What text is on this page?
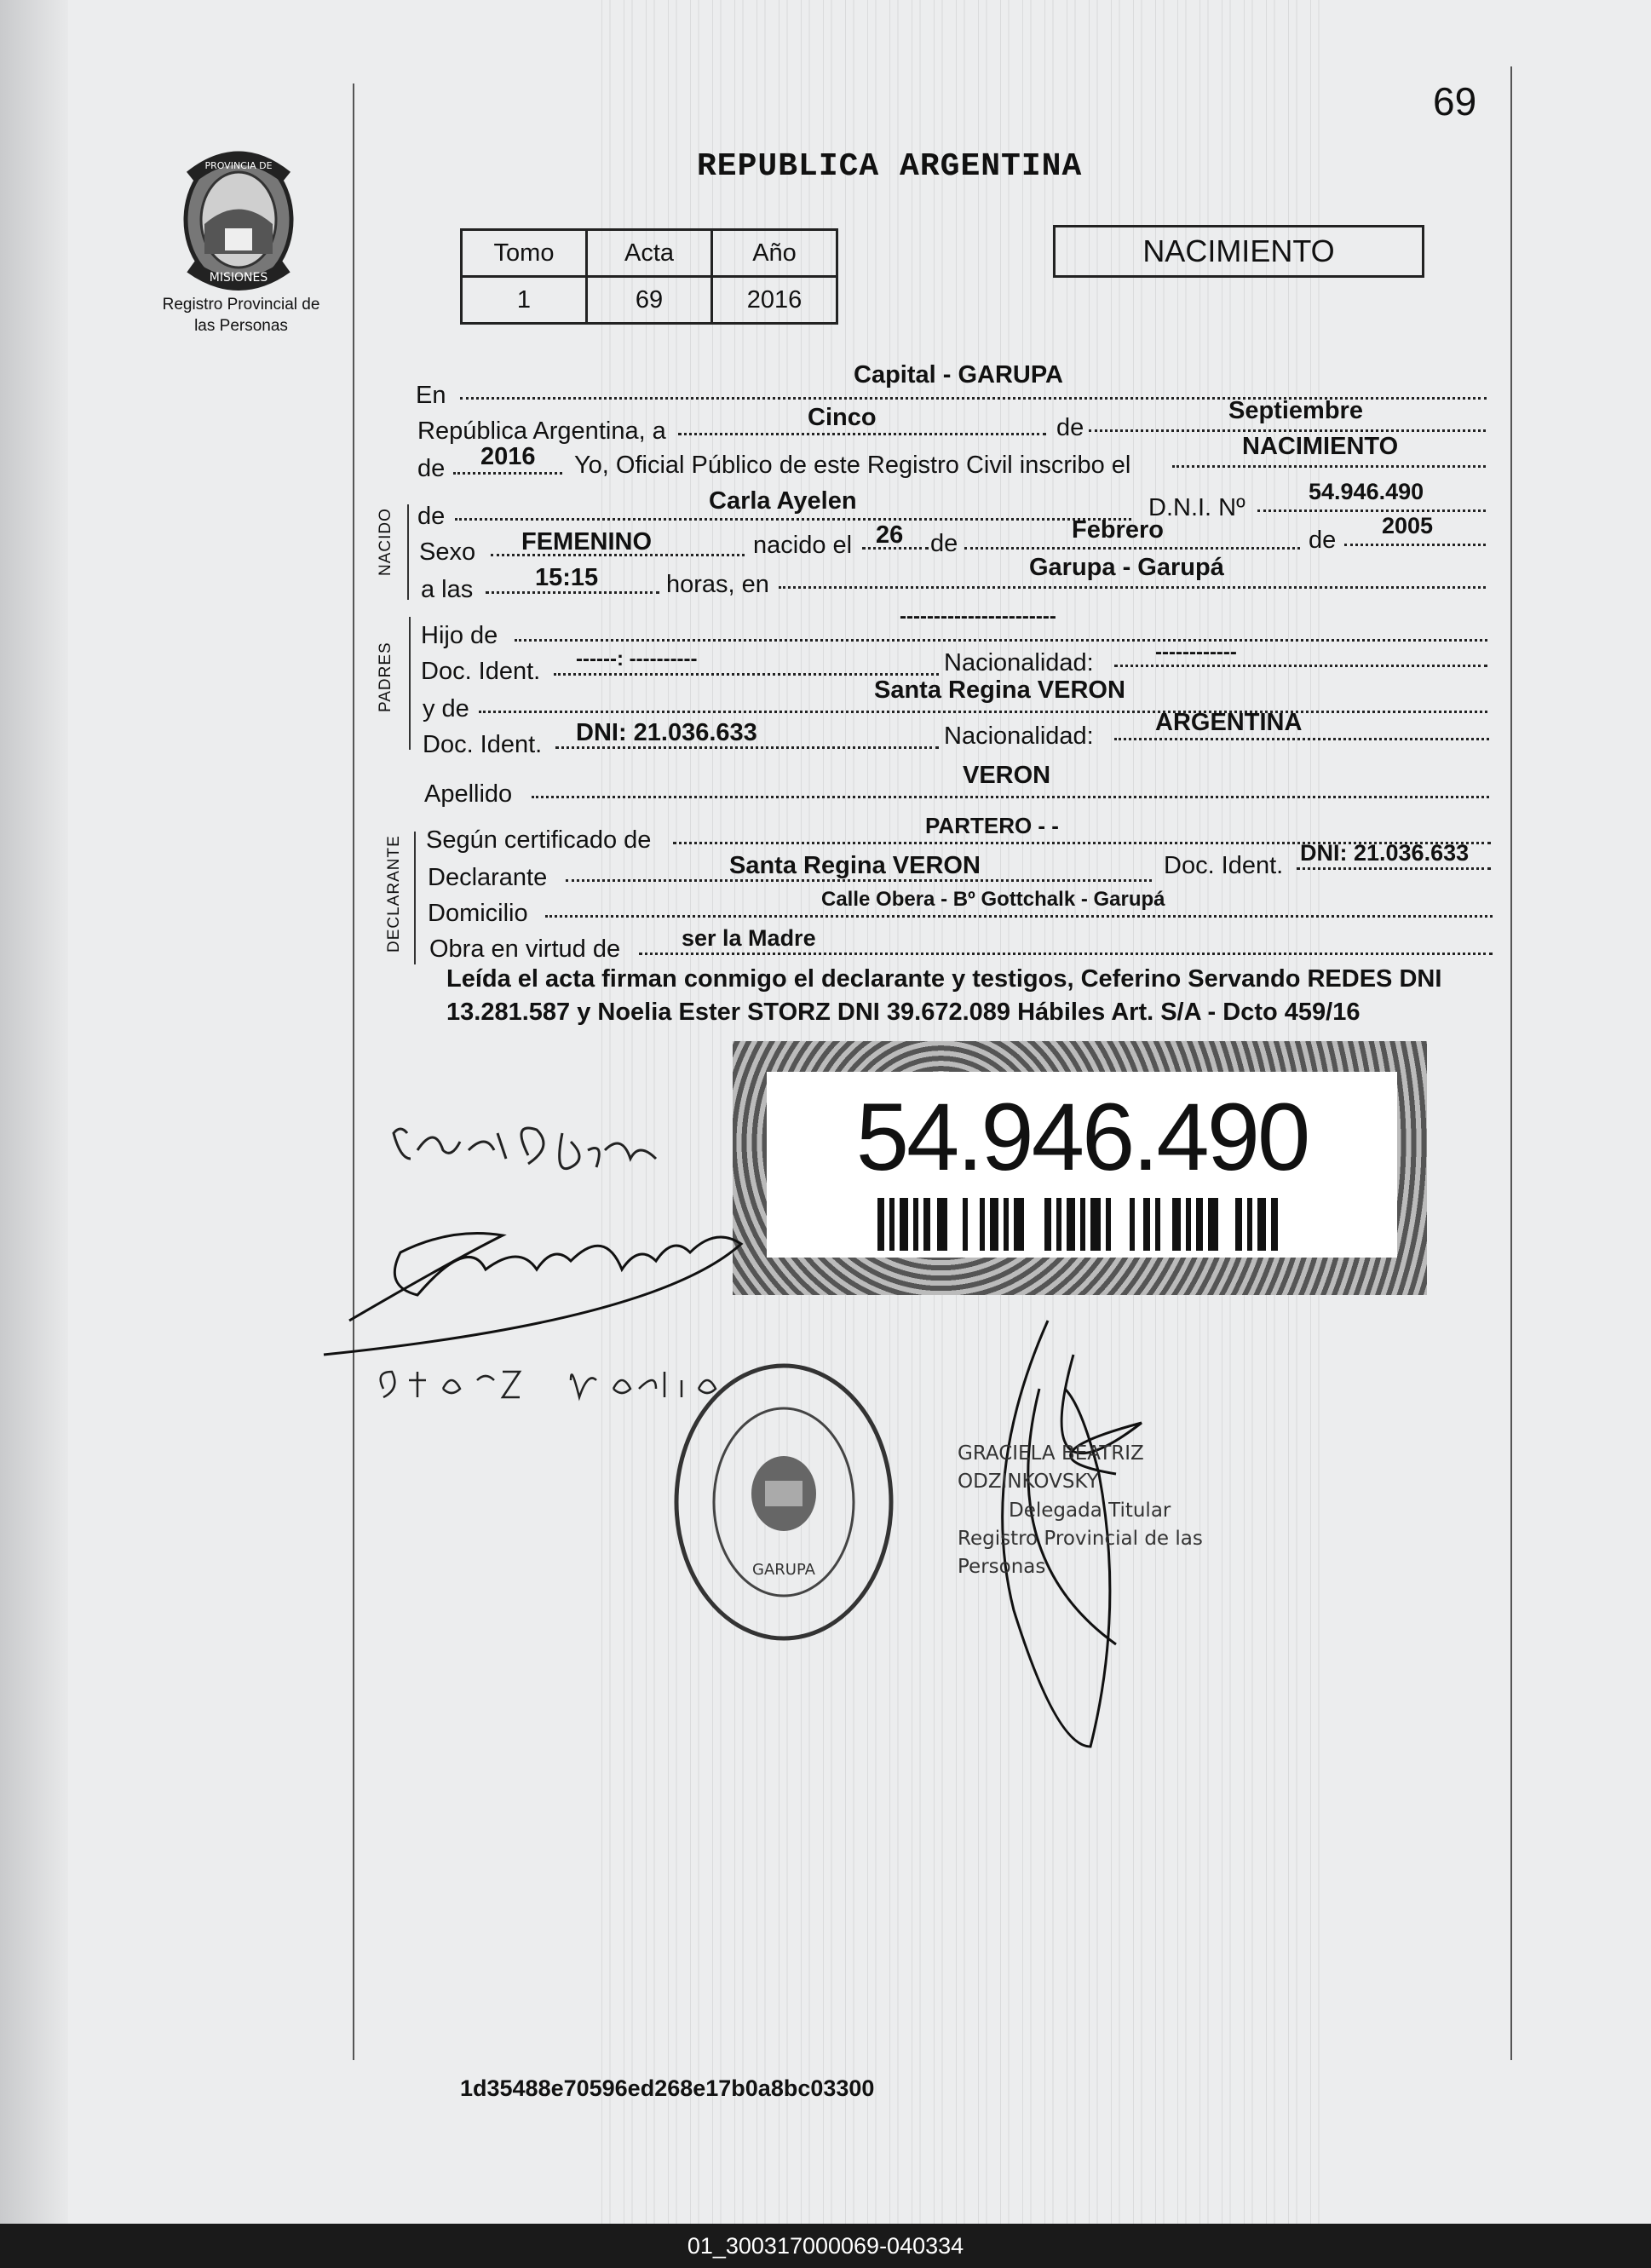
69
PROVINCIA DE
MISIONES
Registro Provincial de las Personas
REPUBLICA ARGENTINA
Tomo	Acta	Año
1	69	2016
NACIMIENTO
En
Capital - GARUPA
República Argentina, a	Cinco	de
Septiembre
de 2016 Yo, Oficial Público de este Registro Civil inscribo el
NACIMIENTO
NACIDO de
Carla Ayelen	D.N.I. Nº
54.946.490
Sexo FEMENINO	nacido el 26 de	Febrero	de
2005
a las	15:15	horas, en
Garupa - Garupá
PADRES
Hijo de
-----------------------
Doc. Ident. ------: ----------	Nacionalidad:	------------
y de
Santa Regina VERON
Doc. Ident. DNI: 21.036.633	Nacionalidad: ARGENTINA
Apellido
VERON
DECLARANTE Según certificado de
PARTERO - -
Declarante	Santa Regina VERON	Doc. Ident. DNI: 21.036.633
Domicilio
Calle Obera - Bº Gottchalk - Garupá
Obra en virtud de	ser la Madre
Leída el acta firman conmigo el declarante y testigos, Ceferino Servando REDES DNI 13.281.587 y Noelia Ester STORZ DNI 39.672.089 Hábiles Art. S/A - Dcto 459/16
54.946.490
GARUPA
GRACIELA BEATRIZ ODZINKOVSKY
Delegada Titular
Registro Provincial de las Personas
1d35488e70596ed268e17b0a8bc03300
01_300317000069-040334
